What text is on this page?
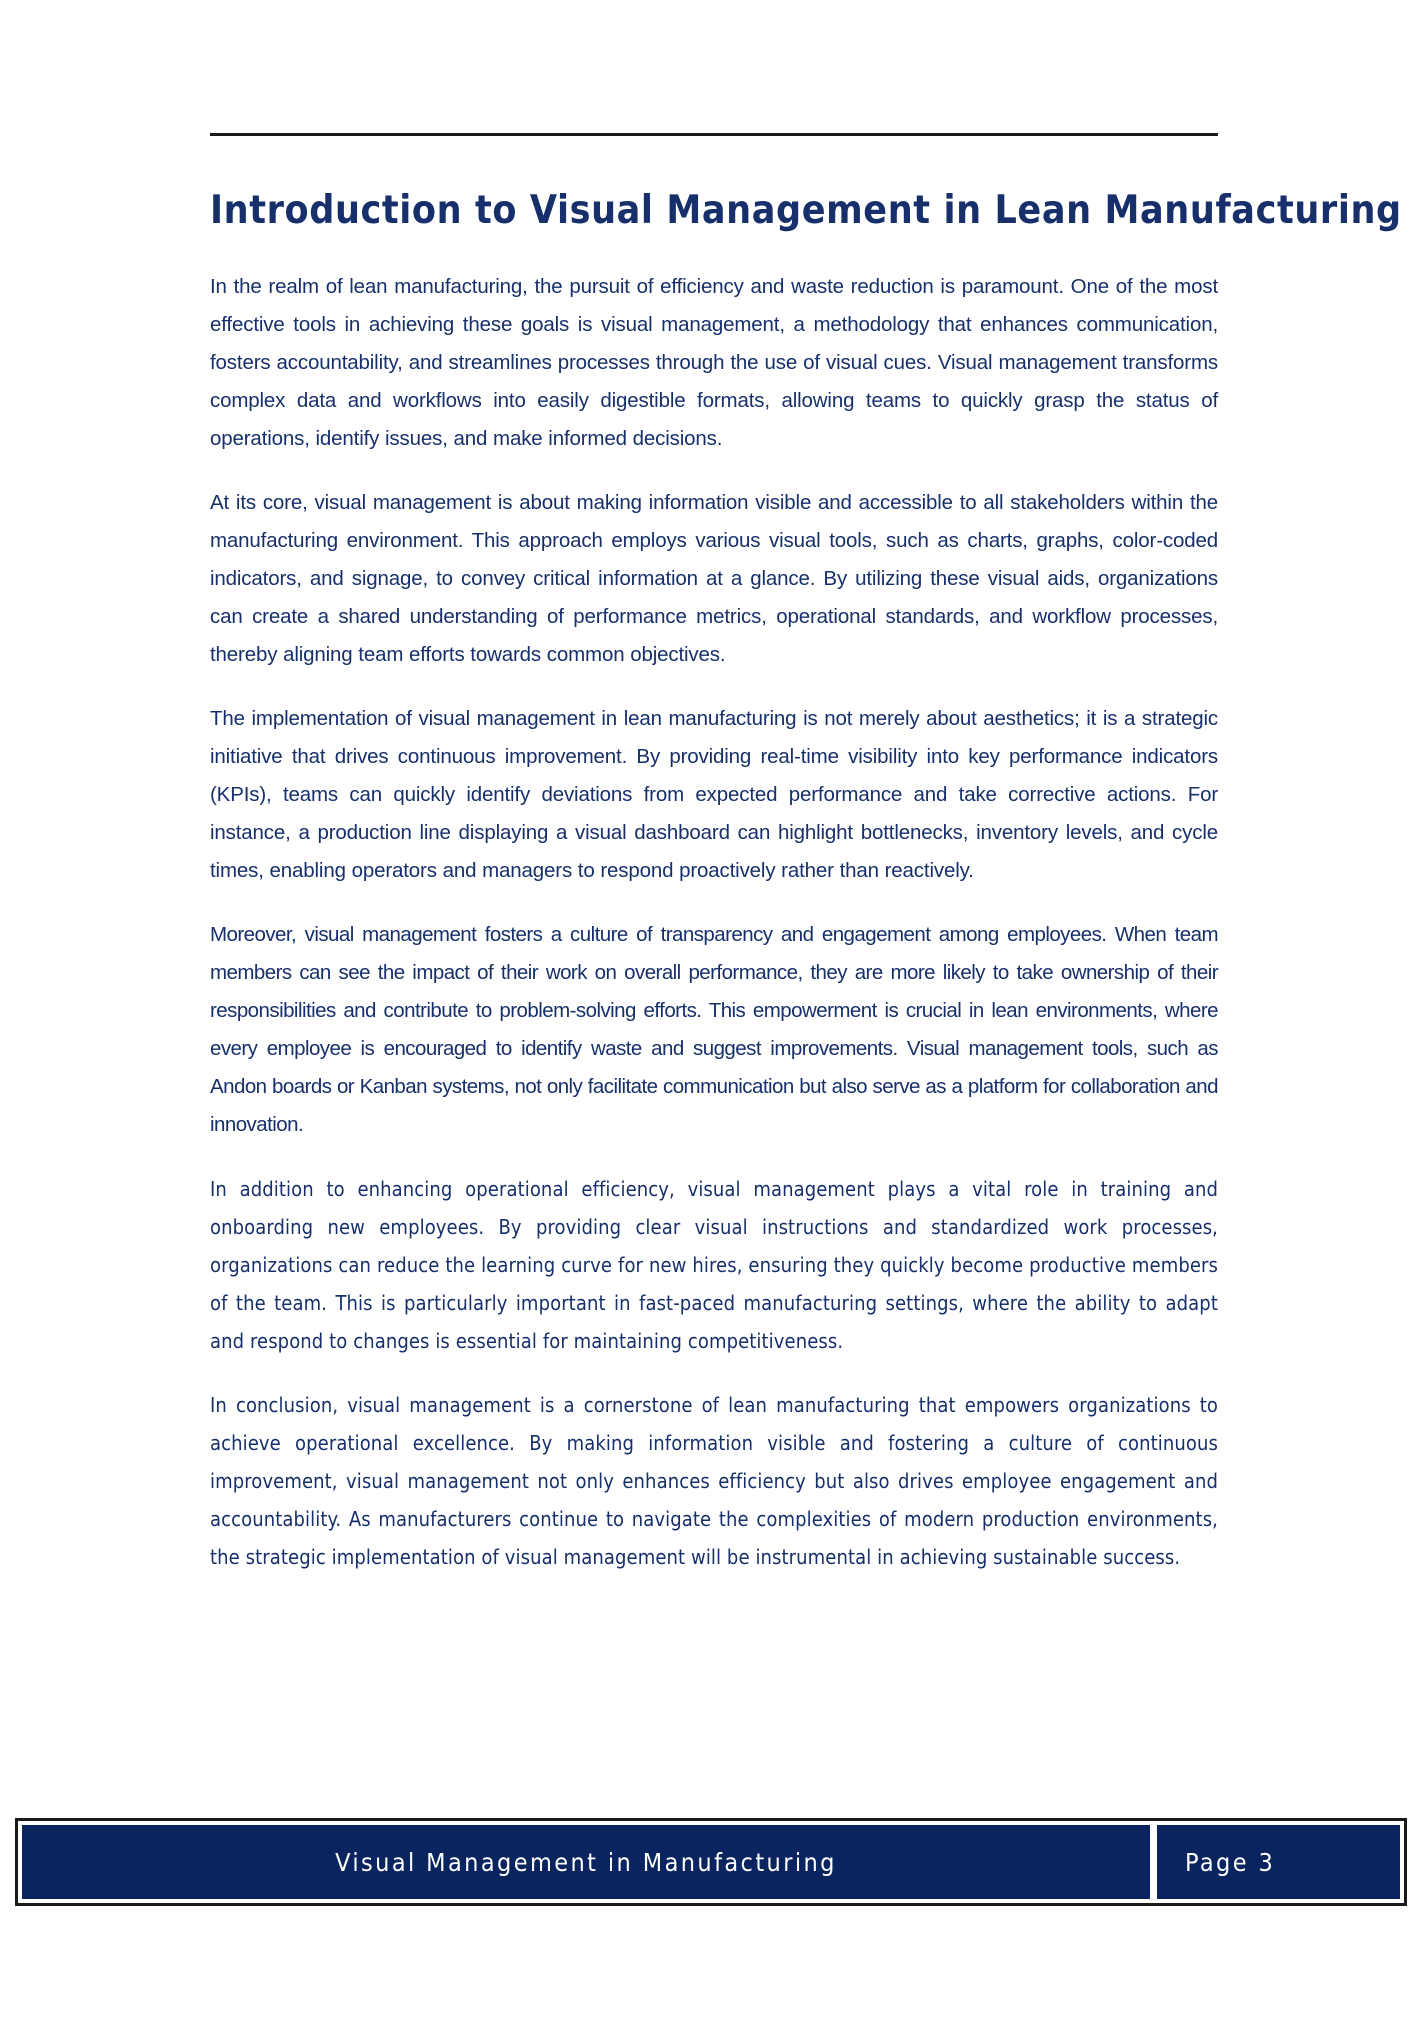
Introduction to Visual Management in Lean Manufacturing

In the realm of lean manufacturing, the pursuit of efficiency and waste reduction is paramount. One of the most effective tools in achieving these goals is visual management, a methodology that enhances communication, fosters accountability, and streamlines processes through the use of visual cues. Visual management transforms complex data and workflows into easily digestible formats, allowing teams to quickly grasp the status of operations, identify issues, and make informed decisions.

At its core, visual management is about making information visible and accessible to all stakeholders within the manufacturing environment. This approach employs various visual tools, such as charts, graphs, color-coded indicators, and signage, to convey critical information at a glance. By utilizing these visual aids, organizations can create a shared understanding of performance metrics, operational standards, and workflow processes, thereby aligning team efforts towards common objectives.

The implementation of visual management in lean manufacturing is not merely about aesthetics; it is a strategic initiative that drives continuous improvement. By providing real-time visibility into key performance indicators (KPIs), teams can quickly identify deviations from expected performance and take corrective actions. For instance, a production line displaying a visual dashboard can highlight bottlenecks, inventory levels, and cycle times, enabling operators and managers to respond proactively rather than reactively.

Moreover, visual management fosters a culture of transparency and engagement among employees. When team members can see the impact of their work on overall performance, they are more likely to take ownership of their responsibilities and contribute to problem-solving efforts. This empowerment is crucial in lean environments, where every employee is encouraged to identify waste and suggest improvements. Visual management tools, such as Andon boards or Kanban systems, not only facilitate communication but also serve as a platform for collaboration and innovation.

In addition to enhancing operational efficiency, visual management plays a vital role in training and onboarding new employees. By providing clear visual instructions and standardized work processes, organizations can reduce the learning curve for new hires, ensuring they quickly become productive members of the team. This is particularly important in fast-paced manufacturing settings, where the ability to adapt and respond to changes is essential for maintaining competitiveness.

In conclusion, visual management is a cornerstone of lean manufacturing that empowers organizations to achieve operational excellence. By making information visible and fostering a culture of continuous improvement, visual management not only enhances efficiency but also drives employee engagement and accountability. As manufacturers continue to navigate the complexities of modern production environments, the strategic implementation of visual management will be instrumental in achieving sustainable success.

Visual Management in Manufacturing	Page 3
